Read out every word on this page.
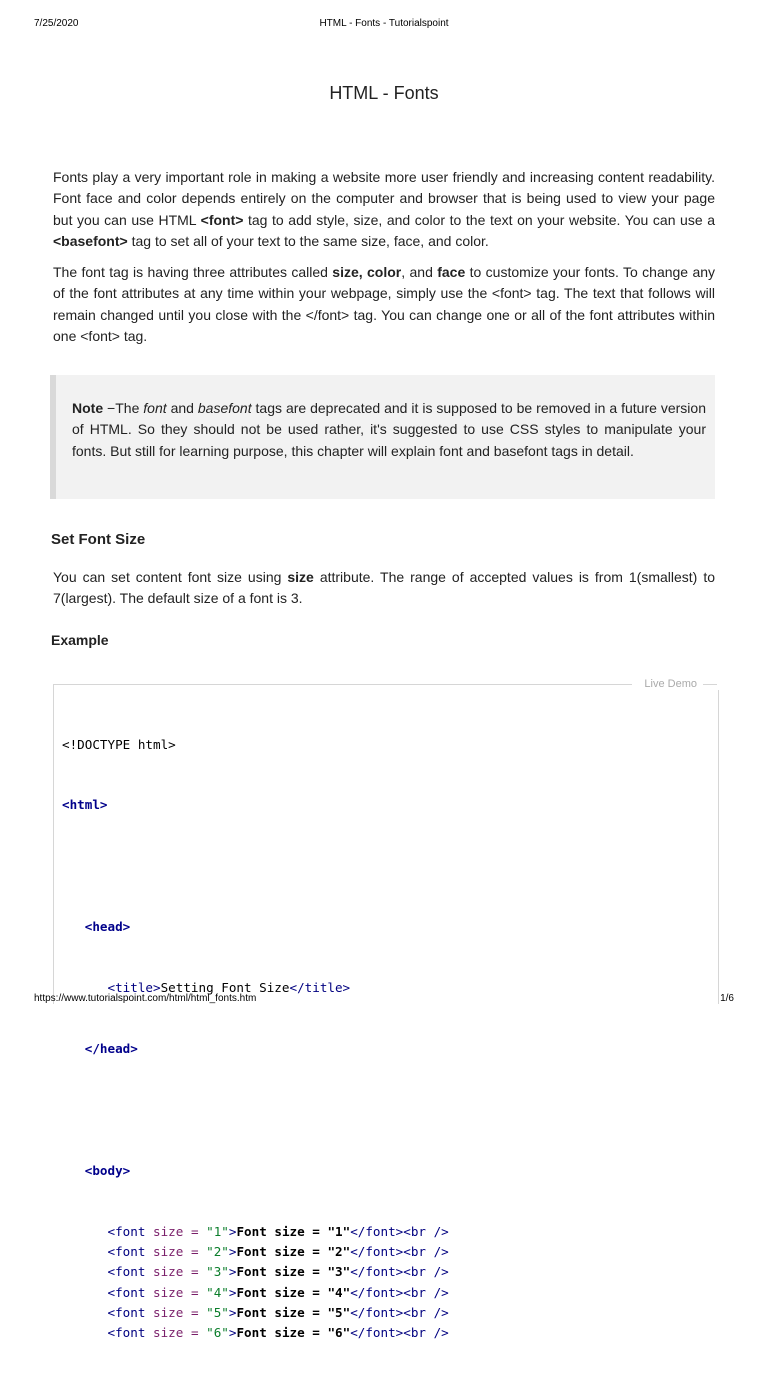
7/25/2020	HTML - Fonts - Tutorialspoint
HTML - Fonts

Fonts play a very important role in making a website more user friendly and increasing content readability. Font face and color depends entirely on the computer and browser that is being used to view your page but you can use HTML <font> tag to add style, size, and color to the text on your website. You can use a <basefont> tag to set all of your text to the same size, face, and color.

The font tag is having three attributes called size, color, and face to customize your fonts. To change any of the font attributes at any time within your webpage, simply use the <font> tag. The text that follows will remain changed until you close with the </font> tag. You can change one or all of the font attributes within one <font> tag.

Note −The font and basefont tags are deprecated and it is supposed to be removed in a future version of HTML. So they should not be used rather, it's suggested to use CSS styles to manipulate your fonts. But still for learning purpose, this chapter will explain font and basefont tags in detail.

Set Font Size

You can set content font size using size attribute. The range of accepted values is from 1(smallest) to 7(largest). The default size of a font is 3.

Example
Live Demo

<!DOCTYPE html>

<html>

<head>

<title>Setting Font Size</title>

</head>

<body>

<font size = "1">Font size = "1"</font><br />
<font size = "2">Font size = "2"</font><br />
<font size = "3">Font size = "3"</font><br />
<font size = "4">Font size = "4"</font><br />
<font size = "5">Font size = "5"</font><br />
<font size = "6">Font size = "6"</font><br />

https://www.tutorialspoint.com/html/html_fonts.htm	1/6
